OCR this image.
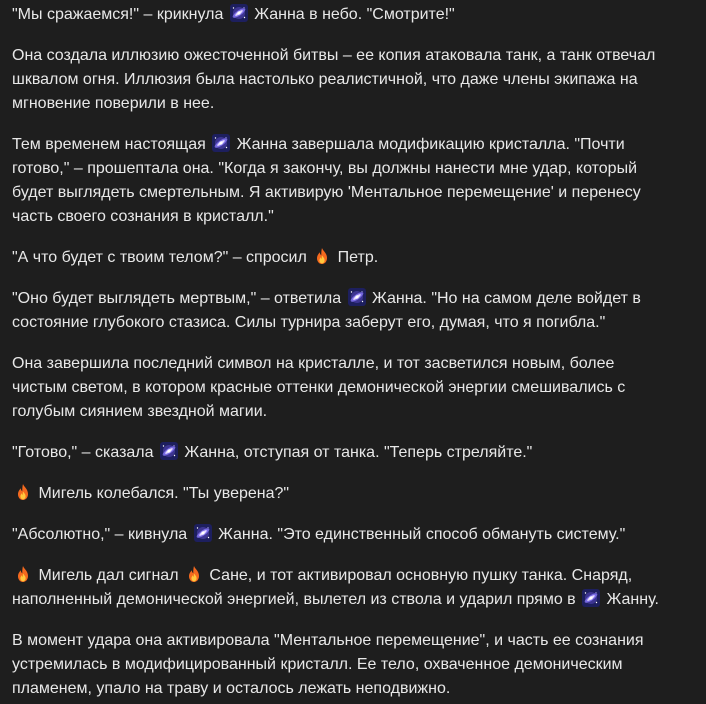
"Мы сражаемся!" – крикнула
Жанна в небо. "Смотрите!"

Она создала иллюзию ожесточенной битвы – ее копия атаковала танк, а танк отвечал
шквалом огня. Иллюзия была настолько реалистичной, что даже члены экипажа на
мгновение поверили в нее.

Тем временем настоящая
Жанна завершала модификацию кристалла. "Почти
готово," – прошептала она. "Когда я закончу, вы должны нанести мне удар, который
будет выглядеть смертельным. Я активирую 'Ментальное перемещение' и перенесу
часть своего сознания в кристалл."

"А что будет с твоим телом?" – спросил
Петр.

"Оно будет выглядеть мертвым," – ответила
Жанна. "Но на самом деле войдет в
состояние глубокого стазиса. Силы турнира заберут его, думая, что я погибла."

Она завершила последний символ на кристалле, и тот засветился новым, более
чистым светом, в котором красные оттенки демонической энергии смешивались с
голубым сиянием звездной магии.

"Готово," – сказала
Жанна, отступая от танка. "Теперь стреляйте."

Мигель колебался. "Ты уверена?"

"Абсолютно," – кивнула
Жанна. "Это единственный способ обмануть систему."

Мигель дал сигнал
Сане, и тот активировал основную пушку танка. Снаряд,
наполненный демонической энергией, вылетел из ствола и ударил прямо в
Жанну.

В момент удара она активировала "Ментальное перемещение", и часть ее сознания
устремилась в модифицированный кристалл. Ее тело, охваченное демоническим
пламенем, упало на траву и осталось лежать неподвижно.
